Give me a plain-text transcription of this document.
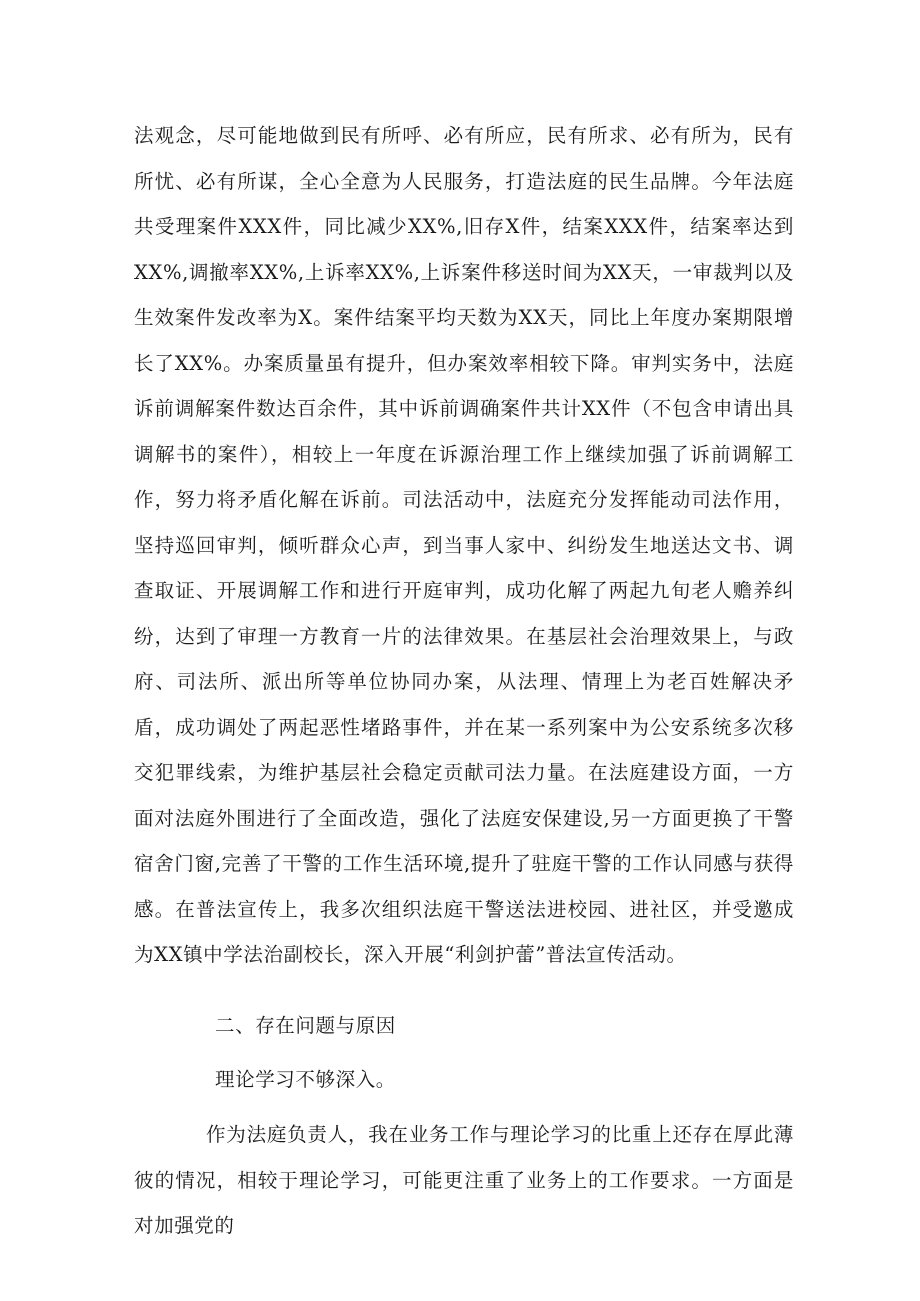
法观念，尽可能地做到民有所呼、必有所应，民有所求、必有所为，民有所忧、必有所谋，全心全意为人民服务，打造法庭的民生品牌。今年法庭共受理案件XXX件，同比减少XX%,旧存X件，结案XXX件，结案率达到XX%,调撤率XX%,上诉率XX%,上诉案件移送时间为XX天，一审裁判以及生效案件发改率为X。案件结案平均天数为XX天，同比上年度办案期限增长了XX%。办案质量虽有提升，但办案效率相较下降。审判实务中，法庭诉前调解案件数达百余件，其中诉前调确案件共计XX件（不包含申请出具调解书的案件），相较上一年度在诉源治理工作上继续加强了诉前调解工作，努力将矛盾化解在诉前。司法活动中，法庭充分发挥能动司法作用，坚持巡回审判，倾听群众心声，到当事人家中、纠纷发生地送达文书、调查取证、开展调解工作和进行开庭审判，成功化解了两起九旬老人赡养纠纷，达到了审理一方教育一片的法律效果。在基层社会治理效果上，与政府、司法所、派出所等单位协同办案，从法理、情理上为老百姓解决矛盾，成功调处了两起恶性堵路事件，并在某一系列案中为公安系统多次移交犯罪线索，为维护基层社会稳定贡献司法力量。在法庭建设方面，一方面对法庭外围进行了全面改造，强化了法庭安保建设,另一方面更换了干警宿舍门窗,完善了干警的工作生活环境,提升了驻庭干警的工作认同感与获得感。在普法宣传上，我多次组织法庭干警送法进校园、进社区，并受邀成为XX镇中学法治副校长，深入开展“利剑护蕾”普法宣传活动。

二、存在问题与原因

理论学习不够深入。

作为法庭负责人，我在业务工作与理论学习的比重上还存在厚此薄彼的情况，相较于理论学习，可能更注重了业务上的工作要求。一方面是对加强党的
